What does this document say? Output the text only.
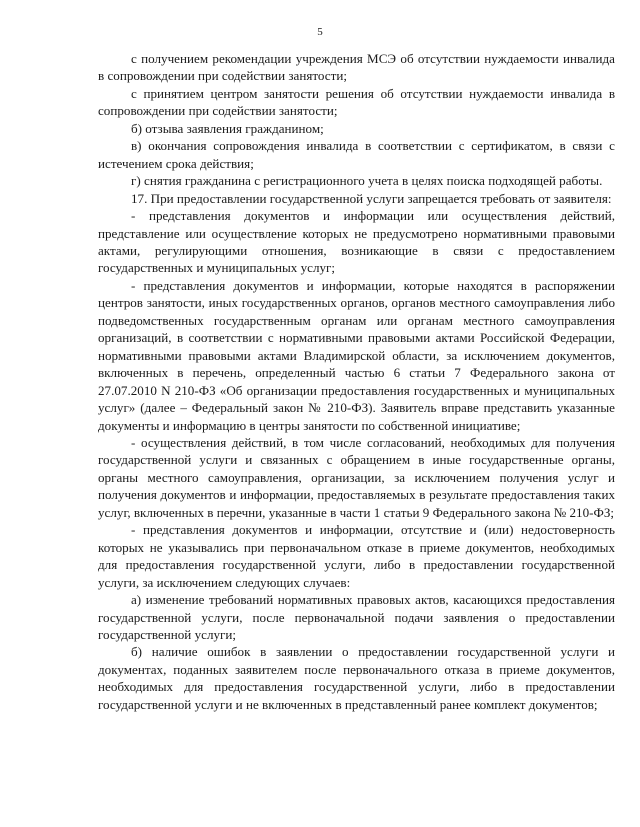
5

с получением рекомендации учреждения МСЭ об отсутствии нуждаемости инвалида в сопровождении при содействии занятости;

с принятием центром занятости решения об отсутствии нуждаемости инвалида в сопровождении при содействии занятости;

б) отзыва заявления гражданином;

в) окончания сопровождения инвалида в соответствии с сертификатом, в связи с истечением срока действия;

г) снятия гражданина с регистрационного учета в целях поиска подходящей работы.

17. При предоставлении государственной услуги запрещается требовать от заявителя:

- представления документов и информации или осуществления действий, представление или осуществление которых не предусмотрено нормативными правовыми актами, регулирующими отношения, возникающие в связи с предоставлением государственных и муниципальных услуг;

- представления документов и информации, которые находятся в распоряжении центров занятости, иных государственных органов, органов местного самоуправления либо подведомственных государственным органам или органам местного самоуправления организаций, в соответствии с нормативными правовыми актами Российской Федерации, нормативными правовыми актами Владимирской области, за исключением документов, включенных в перечень, определенный частью 6 статьи 7 Федерального закона от 27.07.2010 N 210-ФЗ «Об организации предоставления государственных и муниципальных услуг» (далее – Федеральный закон № 210-ФЗ). Заявитель вправе представить указанные документы и информацию в центры занятости по собственной инициативе;

- осуществления действий, в том числе согласований, необходимых для получения государственной услуги и связанных с обращением в иные государственные органы, органы местного самоуправления, организации, за исключением получения услуг и получения документов и информации, предоставляемых в результате предоставления таких услуг, включенных в перечни, указанные в части 1 статьи 9 Федерального закона № 210-ФЗ;

- представления документов и информации, отсутствие и (или) недостоверность которых не указывались при первоначальном отказе в приеме документов, необходимых для предоставления государственной услуги, либо в предоставлении государственной услуги, за исключением следующих случаев:

а) изменение требований нормативных правовых актов, касающихся предоставления государственной услуги, после первоначальной подачи заявления о предоставлении государственной услуги;

б) наличие ошибок в заявлении о предоставлении государственной услуги и документах, поданных заявителем после первоначального отказа в приеме документов, необходимых для предоставления государственной услуги, либо в предоставлении государственной услуги и не включенных в представленный ранее комплект документов;
